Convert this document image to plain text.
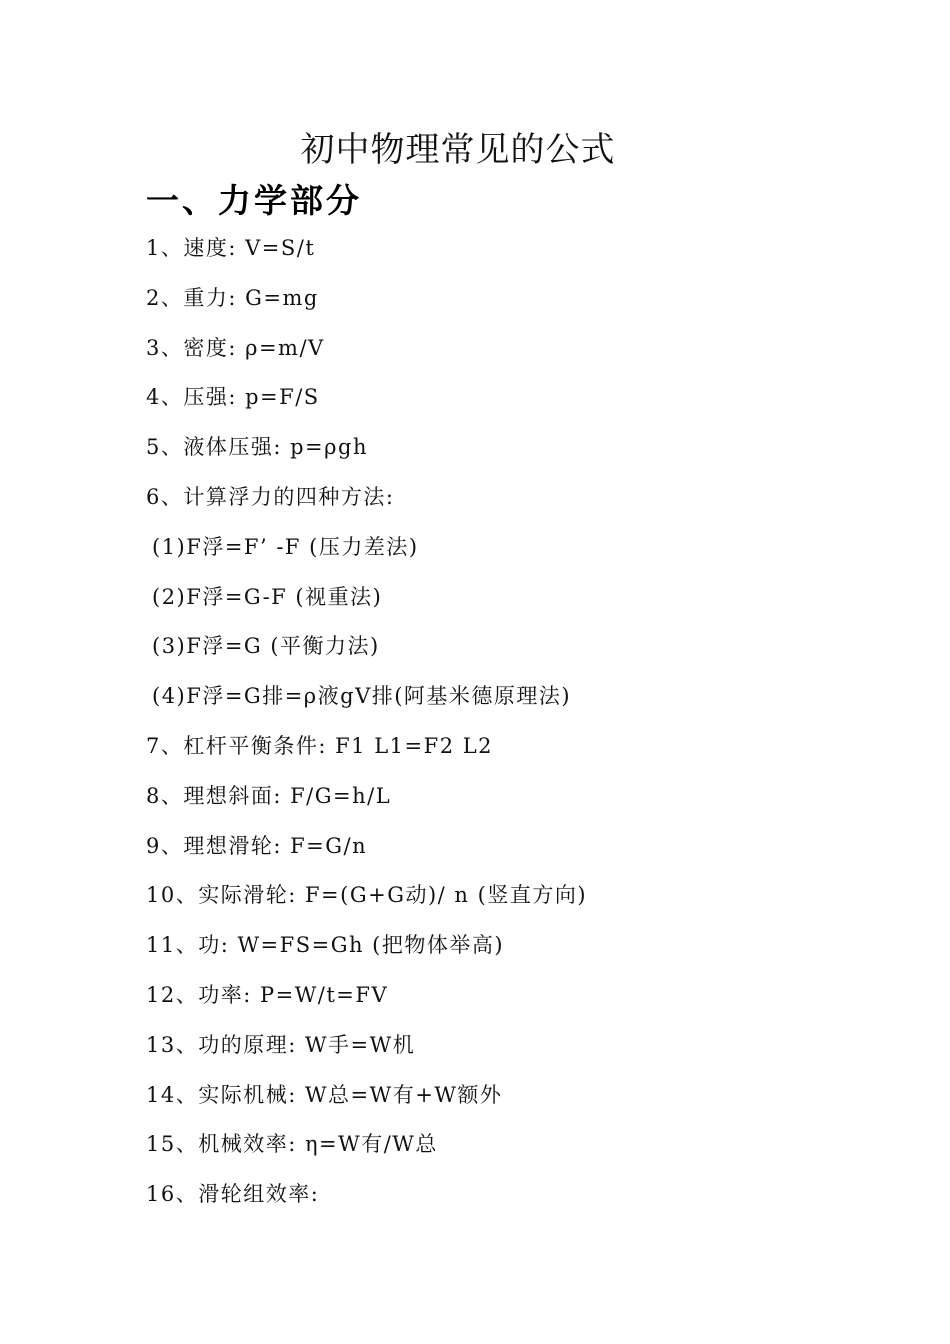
初中物理常见的公式
一、力学部分
1、速度: V=S/t
2、重力: G=mg
3、密度: ρ=m/V
4、压强: p=F/S
5、液体压强: p=ρgh
6、计算浮力的四种方法:
(1)F浮=F’ -F (压力差法)
(2)F浮=G-F (视重法)
(3)F浮=G (平衡力法)
(4)F浮=G排=ρ液gV排(阿基米德原理法)
7、杠杆平衡条件: F1 L1=F2 L2
8、理想斜面: F/G=h/L
9、理想滑轮: F=G/n
10、实际滑轮: F=(G+G动)/ n (竖直方向)
11、功: W=FS=Gh (把物体举高)
12、功率: P=W/t=FV
13、功的原理: W手=W机
14、实际机械: W总=W有+W额外
15、机械效率: η=W有/W总
16、滑轮组效率:
